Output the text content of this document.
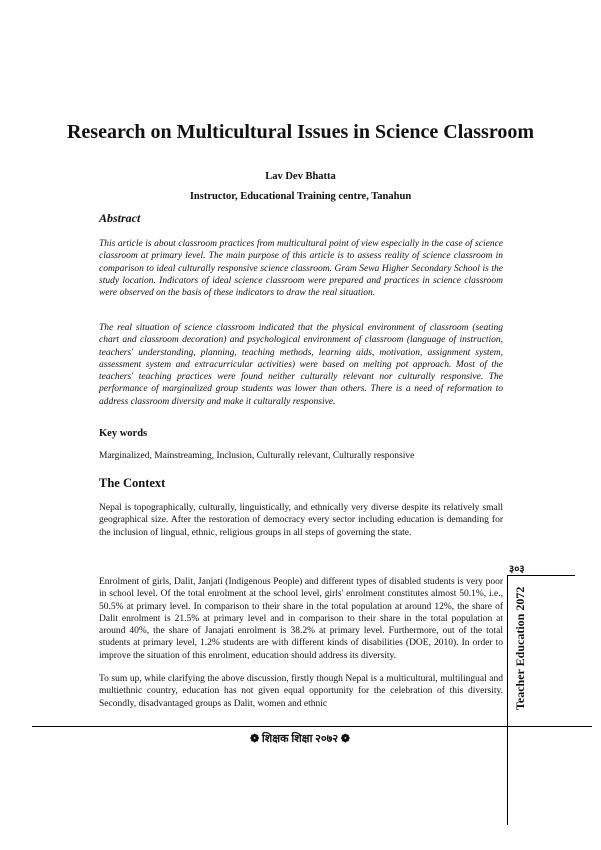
Research on Multicultural Issues in Science Classroom

Lav Dev Bhatta

Instructor, Educational Training centre, Tanahun

Abstract

This article is about classroom practices from multicultural point of view especially in the case of science classroom at primary level. The main purpose of this article is to assess reality of science classroom in comparison to ideal culturally responsive science classroom. Gram Sewa Higher Secondary School is the study location. Indicators of ideal science classroom were prepared and practices in science classroom were observed on the basis of these indicators to draw the real situation.

The real situation of science classroom indicated that the physical environment of classroom (seating chart and classroom decoration) and psychological environment of classroom (language of instruction, teachers' understanding, planning, teaching methods, learning aids, motivation, assignment system, assessment system and extracurricular activities) were based on melting pot approach. Most of the teachers' teaching practices were found neither culturally relevant nor culturally responsive. The performance of marginalized group students was lower than others. There is a need of reformation to address classroom diversity and make it culturally responsive.

Key words

Marginalized, Mainstreaming, Inclusion, Culturally relevant, Culturally responsive

The Context

Nepal is topographically, culturally, linguistically, and ethnically very diverse despite its relatively small geographical size. After the restoration of democracy every sector including education is demanding for the inclusion of lingual, ethnic, religious groups in all steps of governing the state.

Enrolment of girls, Dalit, Janjati (Indigenous People) and different types of disabled students is very poor in school level. Of the total enrolment at the school level, girls' enrolment constitutes almost 50.1%, i.e., 50.5% at primary level. In comparison to their share in the total population at around 12%, the share of Dalit enrolment is 21.5% at primary level and in comparison to their share in the total population at around 40%, the share of Janajati enrolment is 38.2% at primary level. Furthermore, out of the total students at primary level, 1.2% students are with different kinds of disabilities (DOE, 2010). In order to improve the situation of this enrolment, education should address its diversity.

To sum up, while clarifying the above discussion, firstly though Nepal is a multicultural, multilingual and multiethnic country, education has not given equal opportunity for the celebration of this diversity. Secondly, disadvantaged groups as Dalit, women and ethnic

३०३

Teacher Education 2072

❁ शिक्षक शिक्षा २०७२ ❁
